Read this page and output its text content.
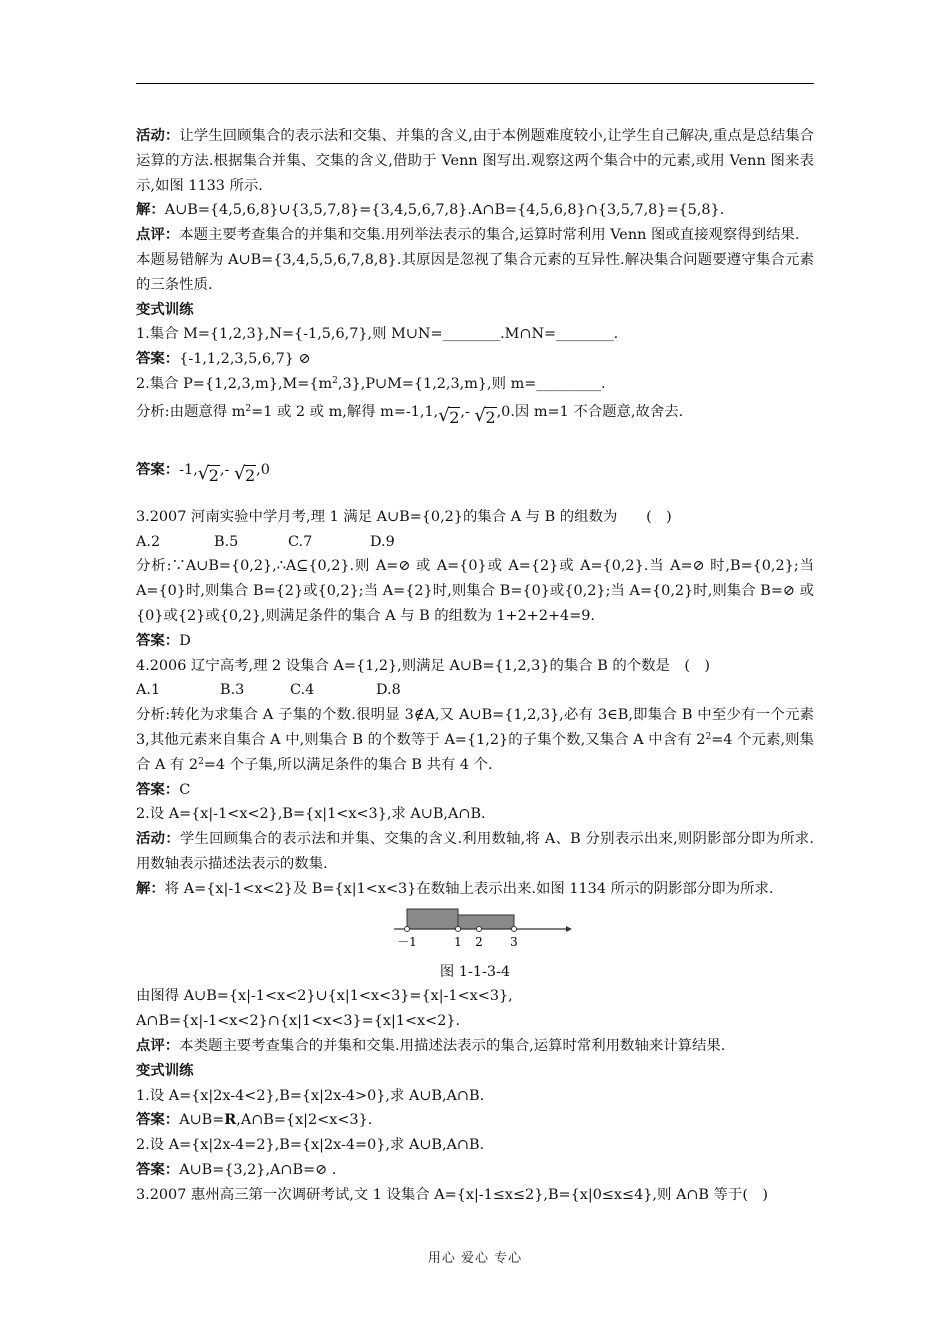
活动：让学生回顾集合的表示法和交集、并集的含义,由于本例题难度较小,让学生自己解决,重点是总结集合运算的方法.根据集合并集、交集的含义,借助于 Venn 图写出.观察这两个集合中的元素,或用 Venn 图来表示,如图 1133 所示.

解：A∪B={4,5,6,8}∪{3,5,7,8}={3,4,5,6,7,8}.A∩B={4,5,6,8}∩{3,5,7,8}={5,8}.

点评：本题主要考查集合的并集和交集.用列举法表示的集合,运算时常利用 Venn 图或直接观察得到结果.

本题易错解为 A∪B={3,4,5,5,6,7,8,8}.其原因是忽视了集合元素的互异性.解决集合问题要遵守集合元素的三条性质.

变式训练

1.集合 M={1,2,3},N={-1,5,6,7},则 M∪N=________.M∩N=________.

答案：{-1,1,2,3,5,6,7} ⊘

2.集合 $P=\{1,2,3,m\},M=\{m^2,3\},P\cup M=\{1,2,3,m\}$,则 m=_________.

分析:由题意得 $m^2=1$ 或 2 或 m,解得 m=-1,1, √ 2,- √ 2,0.因 m=1 不合题意,故舍去.

答案：-1, √ 2,- √ 2,0

3.2007 河南实验中学月考,理 1 满足 A∪B={0,2}的集合 A 与 B 的组数为　　(　)

A.2	B.5	C.7	D.9

分析:∵A∪B={0,2},∴A⊆{0,2}.则 A=⊘ 或 A={0}或 A={2}或 A={0,2}.当 A=⊘ 时,B={0,2};当 A={0}时,则集合 B={2}或{0,2};当 A={2}时,则集合 B={0}或{0,2};当 A={0,2}时,则集合 B=⊘ 或{0}或{2}或{0,2},则满足条件的集合 A 与 B 的组数为 1+2+2+4=9.

答案：D

4.2006 辽宁高考,理 2 设集合 A={1,2},则满足 A∪B={1,2,3}的集合 B 的个数是　(　)

A.1	B.3	C.4	D.8

分析:转化为求集合 A 子集的个数.很明显 3∉A,又 A∪B={1,2,3},必有 3∈B,即集合 B 中至少有一个元素 3,其他元素来自集合 A 中,则集合 B 的个数等于 A={1,2}的子集个数,又集合 A 中含有 $2^2=4$ 个元素,则集合 A 有 $2^2=4$ 个子集,所以满足条件的集合 B 共有 4 个.

答案：C

2.设 A={x|-1<x<2},B={x|1<x<3},求 A∪B,A∩B.

活动：学生回顾集合的表示法和并集、交集的含义.利用数轴,将 A、B 分别表示出来,则阴影部分即为所求.用数轴表示描述法表示的数集.

解：将 A={x|-1<x<2}及 B={x|1<x<3}在数轴上表示出来.如图 1134 所示的阴影部分即为所求.

－1	1 2 3

图 1-1-3-4

由图得 A∪B={x|-1<x<2}∪{x|1<x<3}={x|-1<x<3},

A∩B={x|-1<x<2}∩{x|1<x<3}={x|1<x<2}.

点评：本类题主要考查集合的并集和交集.用描述法表示的集合,运算时常利用数轴来计算结果.

变式训练

1.设 A={x|2x-4<2},B={x|2x-4>0},求 A∪B,A∩B.

答案：A∪B=R,A∩B={x|2<x<3}.

2.设 A={x|2x-4=2},B={x|2x-4=0},求 A∪B,A∩B.

答案：A∪B={3,2},A∩B=⊘ .

3.2007 惠州高三第一次调研考试,文 1 设集合 A={x|-1≤x≤2},B={x|0≤x≤4},则 A∩B 等于(　)

用心 爱心 专心
